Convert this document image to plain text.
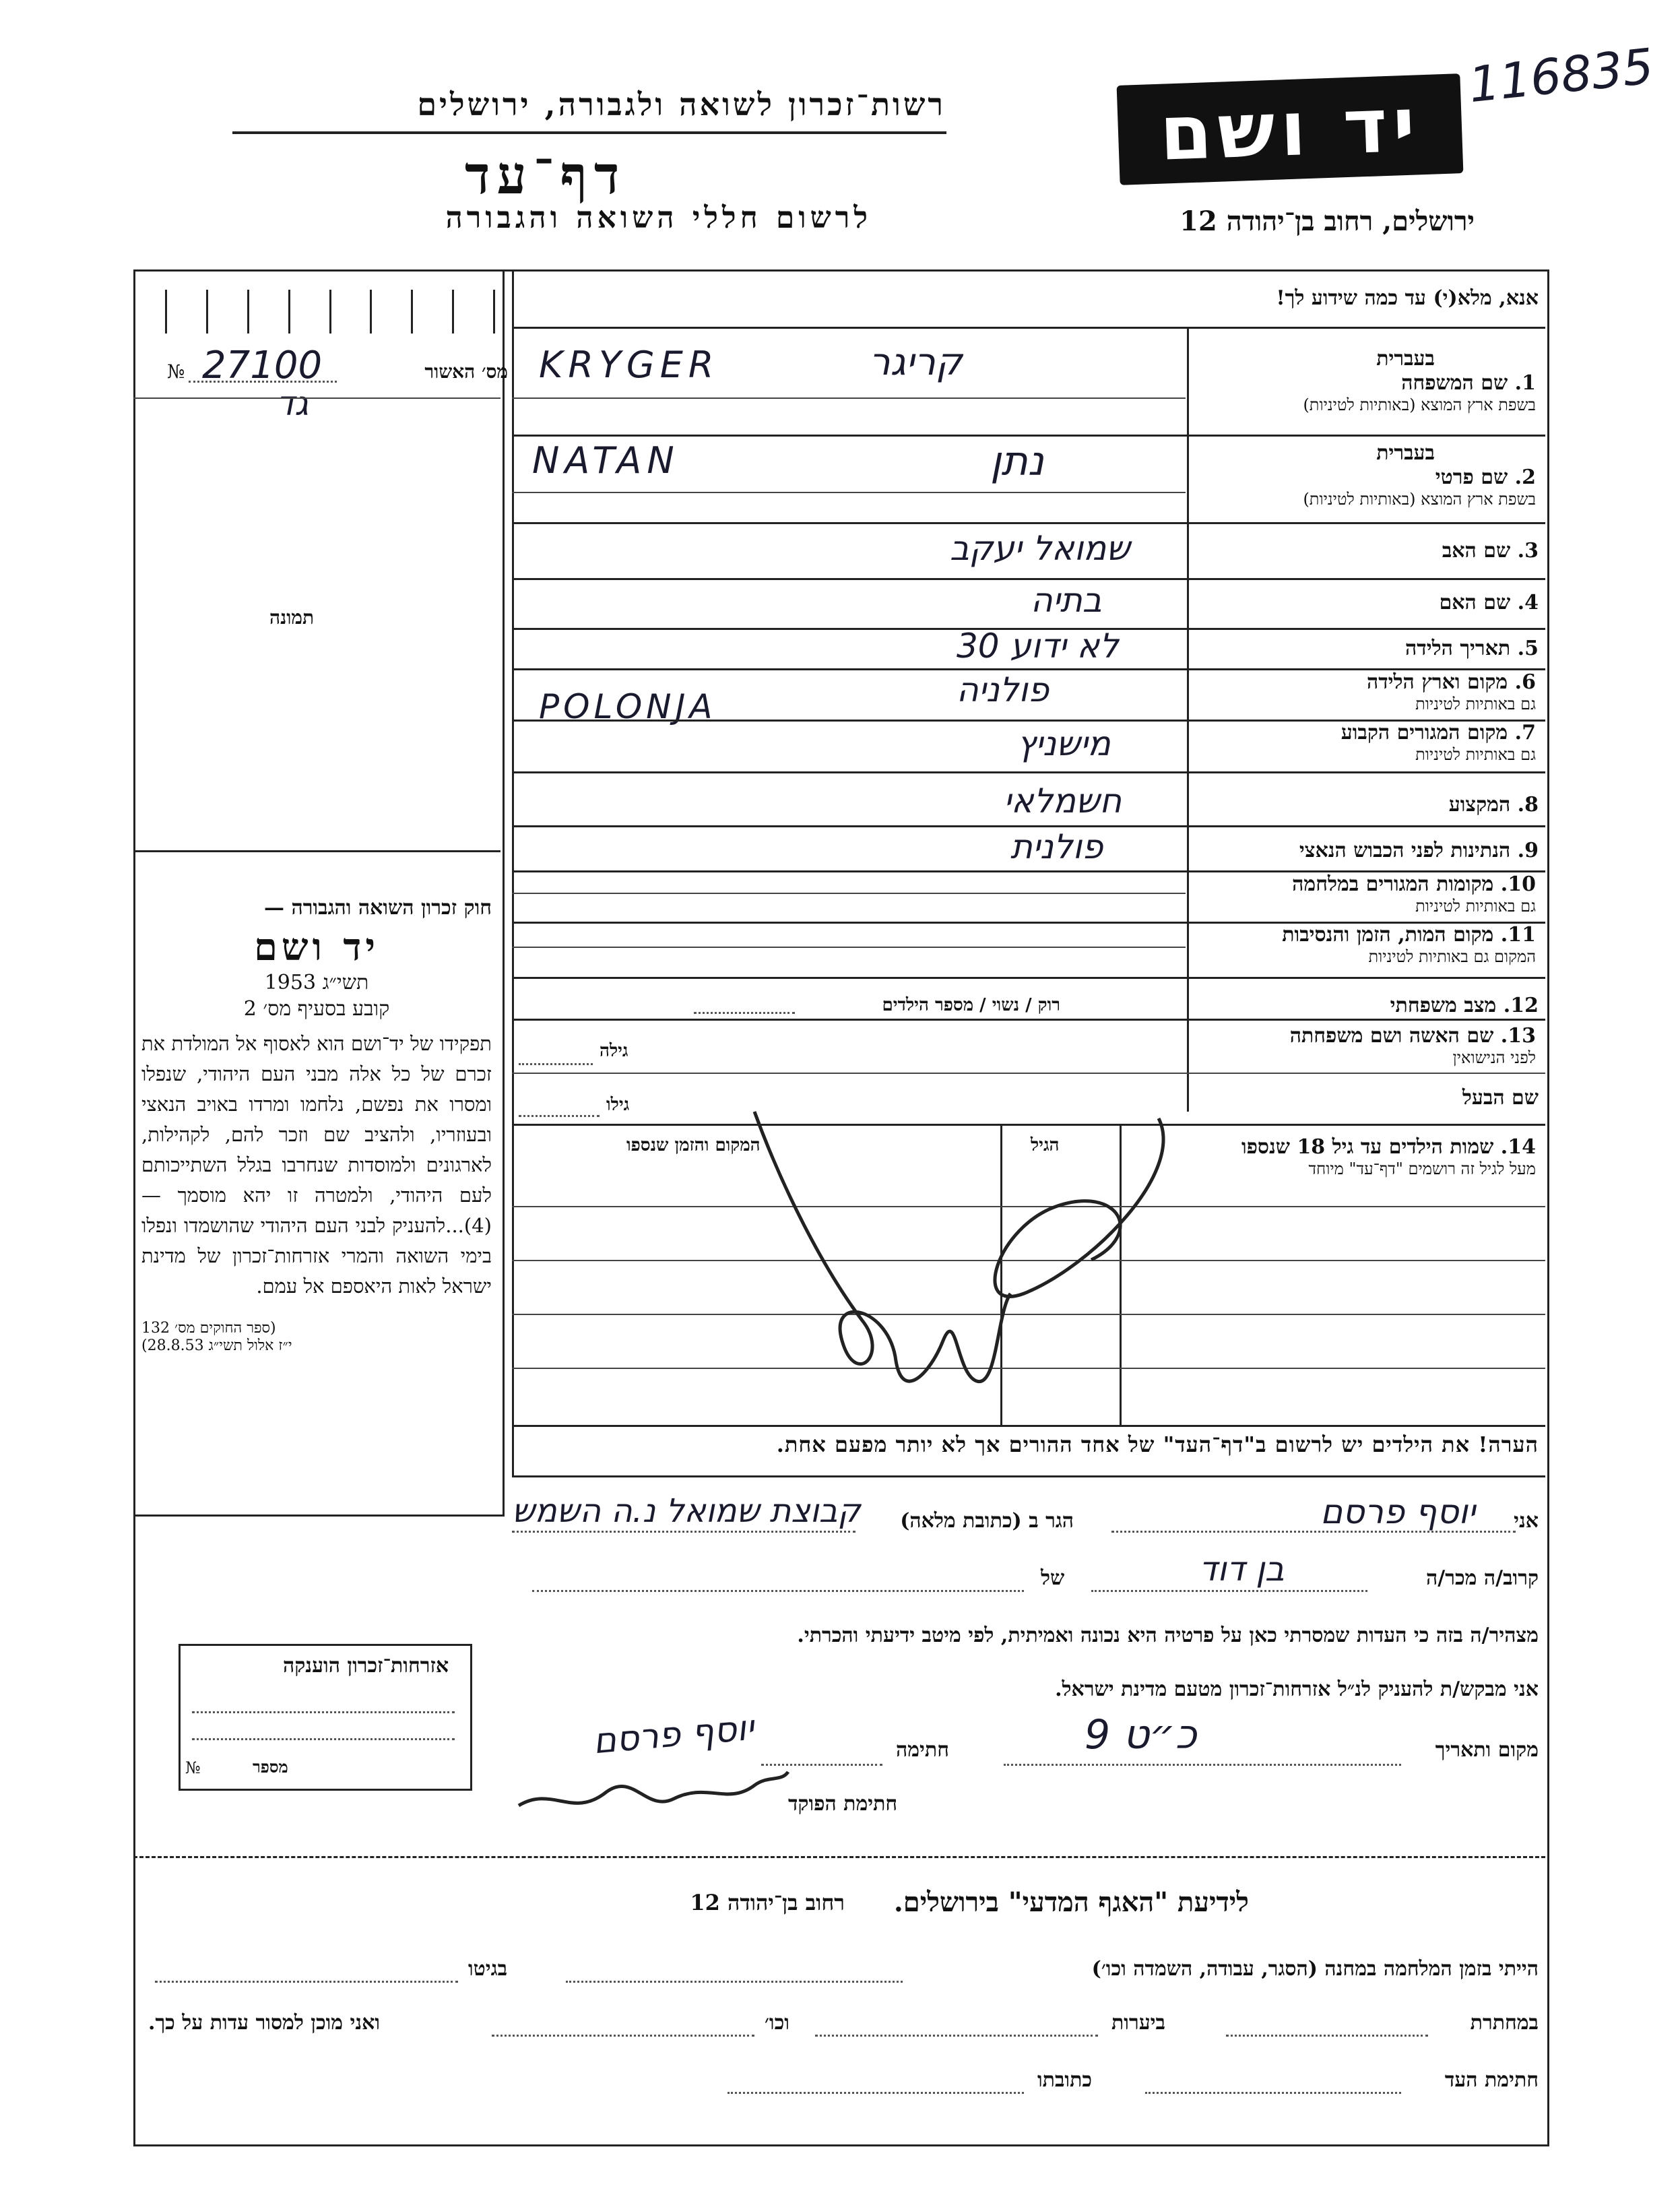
116835
רשות־זכרון לשואה ולגבורה, ירושלים
דף־עד
לרשום חללי השואה והגבורה
יד ושם
ירושלים, רחוב בן־יהודה 12
№ 27100	מס׳ האשור
גד
תמונה
חוק זכרון השואה והגבורה —
יד ושם
תשי״ג 1953
קובע בסעיף מס׳ 2
תפקידו של יד־ושם הוא לאסוף אל המולדת את זכרם של כל אלה מבני העם היהודי, שנפלו ומסרו את נפשם, נלחמו ומרדו באויב הנאצי ובעוזריו, ולהציב שם וזכר להם, לקהילות, לארגונים ולמוסדות שנחרבו בגלל השתייכותם לעם היהודי, ולמטרה זו יהא מוסמך — (4)...להעניק לבני העם היהודי שהושמדו ונפלו בימי השואה והמרי אזרחות־זכרון של מדינת ישראל לאות היאספם אל עמם.
(ספר החוקים מס׳ 132
י״ז אלול תשי״ג 28.8.53)
אנא, מלא(י) עד כמה שידוע לך!
בעברית
1. שם המשפחה
בשפת ארץ המוצא (באותיות לטיניות)
KRYGER	קריגר
בעברית
2. שם פרטי
בשפת ארץ המוצא (באותיות לטיניות)
NATAN	נתן
3. שם האב
שמואל יעקב
4. שם האם
בתיה
5. תאריך הלידה
לא ידוע 30
6. מקום וארץ הלידה
גם באותיות לטיניות
POLONJA	פולניה
7. מקום המגורים הקבוע
גם באותיות לטיניות
מישניץ
8. המקצוע
חשמלאי
9. הנתינות לפני הכבוש הנאצי
פולנית
10. מקומות המגורים במלחמה
גם באותיות לטיניות
11. מקום המות, הזמן והנסיבות
המקום גם באותיות לטיניות
12. מצב משפחתי
רוק / נשוי / מספר הילדים
13. שם האשה ושם משפחתה
לפני הנישואין
גילה
שם הבעל
גילו
14. שמות הילדים עד גיל 18 שנספו
מעל לגיל זה רושמים "דף־עד" מיוחד
הגיל
המקום והזמן שנספו
הערה! את הילדים יש לרשום ב"דף־העד" של אחד ההורים אך לא יותר מפעם אחת.
אני
יוסף פרסם
הגר ב (כתובת מלאה)
קבוצת שמואל נ.ה השמש
קרוב/ה מכר/ה
בן דוד
של
מצהיר/ה בזה כי העדות שמסרתי כאן על פרטיה היא נכונה ואמיתית, לפי מיטב ידיעתי והכרתי.
אני מבקש/ת להעניק לנ״ל אזרחות־זכרון מטעם מדינת ישראל.
מקום ותאריך
כ״ט 9
חתימה
יוסף פרסם
חתימת הפוקד
אזרחות־זכרון הוענקה
№	מספר
לידיעת "האגף המדעי" בירושלים.
רחוב בן־יהודה 12
הייתי בזמן המלחמה במחנה (הסגר, עבודה, השמדה וכו׳)
בגיטו
במחתרת
ביערות
וכו׳
ואני מוכן למסור עדות על כך.
חתימת העד
כתובתו
